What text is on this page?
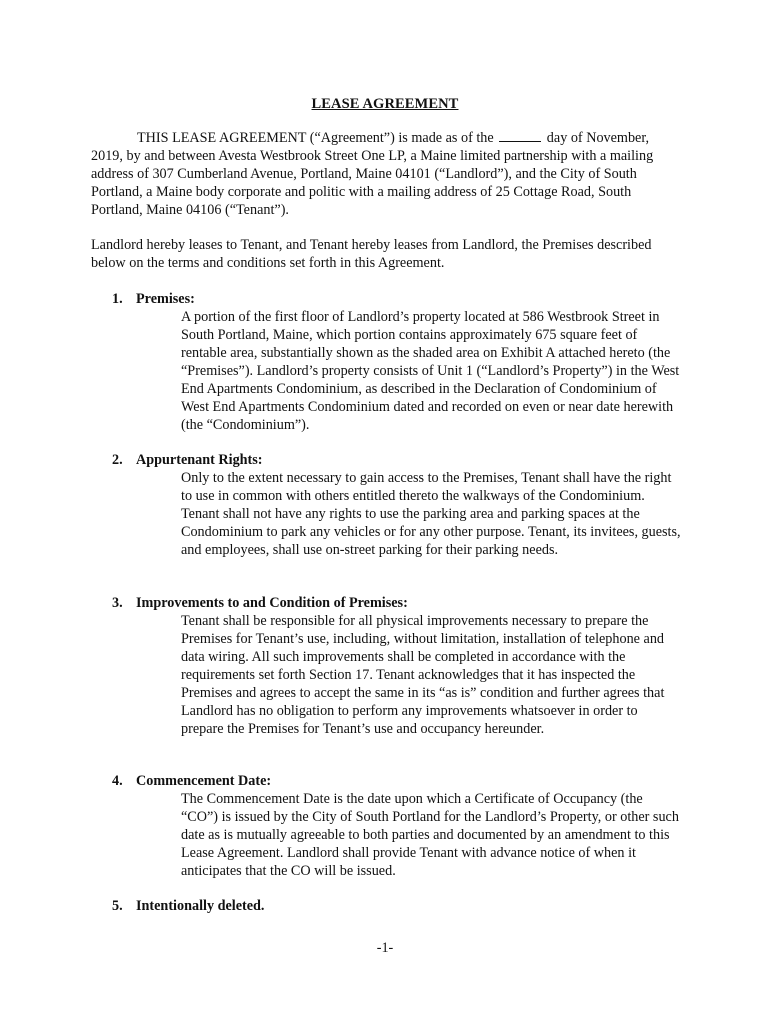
LEASE AGREEMENT

THIS LEASE AGREEMENT (“Agreement”) is made as of the	day of November, 2019, by and between Avesta Westbrook Street One LP, a Maine limited partnership with a mailing address of 307 Cumberland Avenue, Portland, Maine 04101 (“Landlord”), and the City of South Portland, a Maine body corporate and politic with a mailing address of 25 Cottage Road, South Portland, Maine 04106 (“Tenant”).

Landlord hereby leases to Tenant, and Tenant hereby leases from Landlord, the Premises described below on the terms and conditions set forth in this Agreement.

1. Premises:

A portion of the first floor of Landlord’s property located at 586 Westbrook Street in South Portland, Maine, which portion contains approximately 675 square feet of rentable area, substantially shown as the shaded area on Exhibit A attached hereto (the “Premises”). Landlord’s property consists of Unit 1 (“Landlord’s Property”) in the West End Apartments Condominium, as described in the Declaration of Condominium of West End Apartments Condominium dated and recorded on even or near date herewith (the “Condominium”).

2. Appurtenant Rights:

Only to the extent necessary to gain access to the Premises, Tenant shall have the right to use in common with others entitled thereto the walkways of the Condominium. Tenant shall not have any rights to use the parking area and parking spaces at the Condominium to park any vehicles or for any other purpose. Tenant, its invitees, guests, and employees, shall use on-street parking for their parking needs.

3. Improvements to and Condition of Premises:

Tenant shall be responsible for all physical improvements necessary to prepare the Premises for Tenant’s use, including, without limitation, installation of telephone and data wiring. All such improvements shall be completed in accordance with the requirements set forth Section 17. Tenant acknowledges that it has inspected the Premises and agrees to accept the same in its “as is” condition and further agrees that Landlord has no obligation to perform any improvements whatsoever in order to prepare the Premises for Tenant’s use and occupancy hereunder.

4. Commencement Date:

The Commencement Date is the date upon which a Certificate of Occupancy (the “CO”) is issued by the City of South Portland for the Landlord’s Property, or other such date as is mutually agreeable to both parties and documented by an amendment to this Lease Agreement. Landlord shall provide Tenant with advance notice of when it anticipates that the CO will be issued.

5. Intentionally deleted.
-1-
